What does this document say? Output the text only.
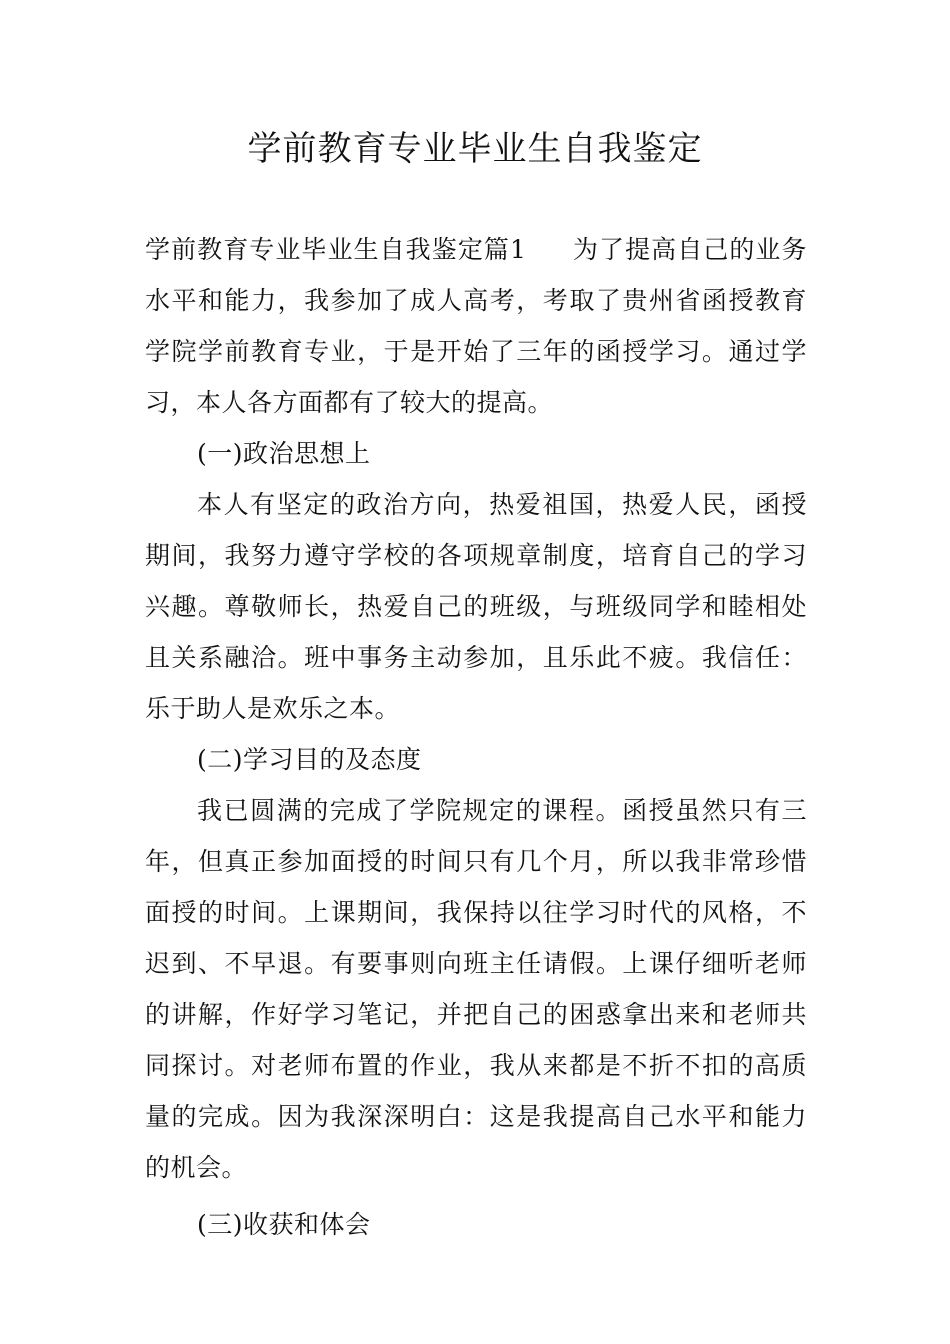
学前教育专业毕业生自我鉴定

学前教育专业毕业生自我鉴定篇1 为了提高自己的业务水平和能力，我参加了成人高考，考取了贵州省函授教育学院学前教育专业，于是开始了三年的函授学习。通过学习，本人各方面都有了较大的提高。

(一)政治思想上

本人有坚定的政治方向，热爱祖国，热爱人民，函授期间，我努力遵守学校的各项规章制度，培育自己的学习兴趣。尊敬师长，热爱自己的班级，与班级同学和睦相处且关系融洽。班中事务主动参加，且乐此不疲。我信任：乐于助人是欢乐之本。

(二)学习目的及态度

我已圆满的完成了学院规定的课程。函授虽然只有三年，但真正参加面授的时间只有几个月，所以我非常珍惜面授的时间。上课期间，我保持以往学习时代的风格，不迟到、不早退。有要事则向班主任请假。上课仔细听老师的讲解，作好学习笔记，并把自己的困惑拿出来和老师共同探讨。对老师布置的作业，我从来都是不折不扣的高质量的完成。因为我深深明白：这是我提高自己水平和能力的机会。

(三)收获和体会
